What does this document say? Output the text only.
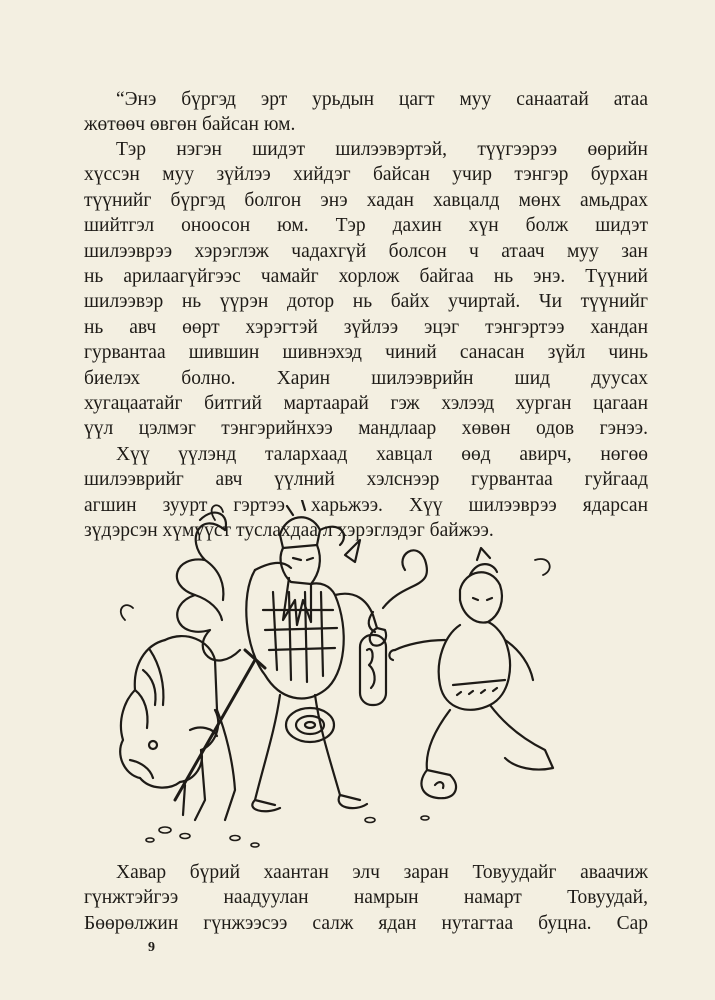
“Энэ бүргэд эрт урьдын цагт муу санаатай атаа
жөтөөч өвгөн байсан юм.
Тэр нэгэн шидэт шилээвэртэй, түүгээрээ өөрийн
хүссэн муу зүйлээ хийдэг байсан учир тэнгэр бурхан
түүнийг бүргэд болгон энэ хадан хавцалд мөнх амьдрах
шийтгэл оноосон юм. Тэр дахин хүн болж шидэт
шилээврээ хэрэглэж чадахгүй болсон ч атаач муу зан
нь арилаагүйгээс чамайг хорлож байгаа нь энэ. Түүний
шилээвэр нь үүрэн дотор нь байх учиртай. Чи түүнийг
нь авч өөрт хэрэгтэй зүйлээ эцэг тэнгэртээ хандан
гурвантаа шившин шивнэхэд чиний санасан зүйл чинь
биелэх болно. Харин шилээврийн шид дуусах
хугацаатайг битгий мартаарай гэж хэлээд хурган цагаан
үүл цэлмэг тэнгэрийнхээ мандлаар хөвөн одов гэнээ.
Хүү үүлэнд талархаад хавцал өөд авирч, нөгөө
шилээврийг авч үүлний хэлснээр гурвантаа гуйгаад
агшин зуурт гэртээ харьжээ. Хүү шилээврээ ядарсан
зүдэрсэн хүмүүст туслахдаа л хэрэглэдэг байжээ.
Хавар бүрий хаантан элч заран Товуудайг аваачиж
гүнжтэйгээ наадуулан намрын намарт Товуудай,
Бөөрөлжин гүнжээсээ салж ядан нутагтаа буцна. Сар
9
